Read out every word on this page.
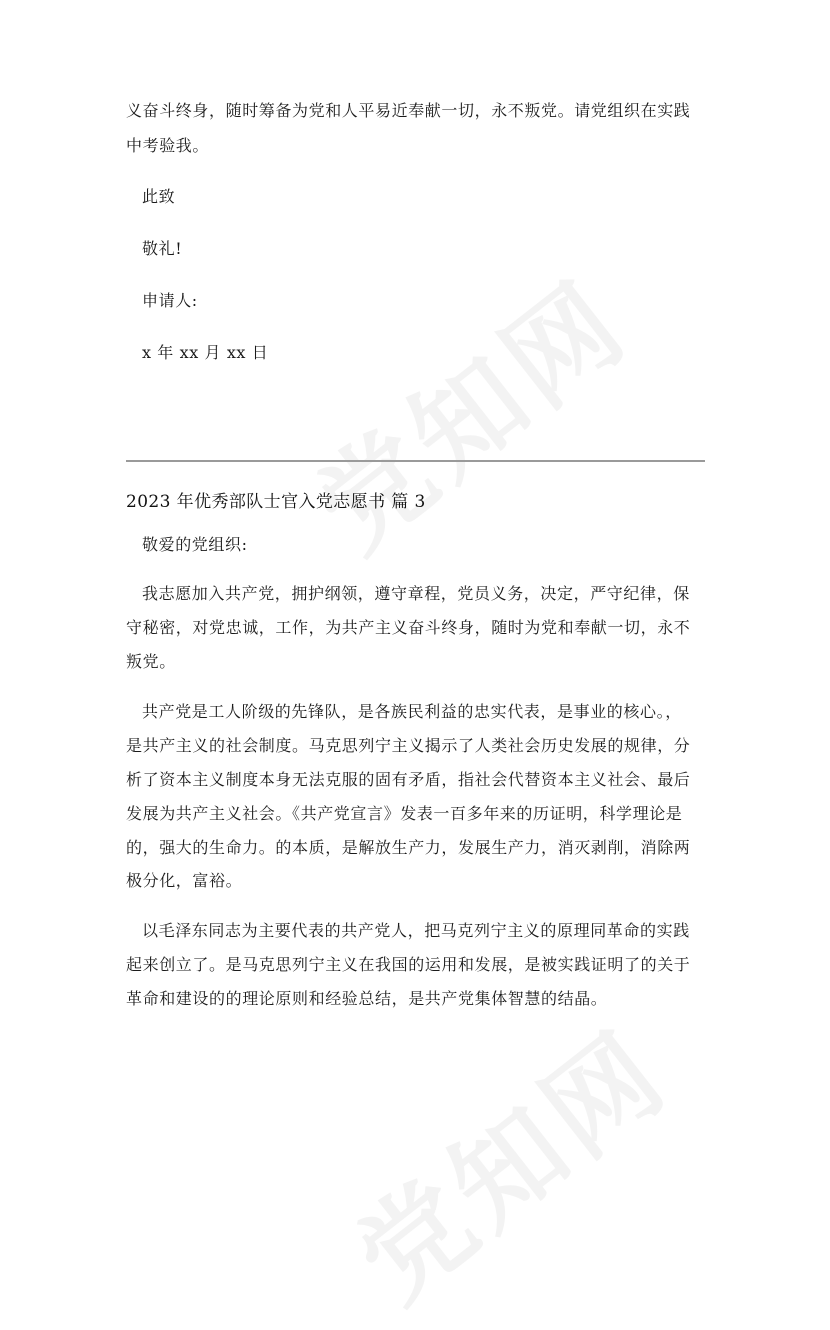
义奋斗终身，随时筹备为党和人平易近奉献一切，永不叛党。请党组织在实践
中考验我。
此致
敬礼!
申请人:
x 年 xx 月 xx 日
2023 年优秀部队士官入党志愿书 篇 3
敬爱的党组织:
我志愿加入共产党，拥护纲领，遵守章程，党员义务，决定，严守纪律，保
守秘密，对党忠诚，工作，为共产主义奋斗终身，随时为党和奉献一切，永不
叛党。
共产党是工人阶级的先锋队，是各族民利益的忠实代表，是事业的核心。，
是共产主义的社会制度。马克思列宁主义揭示了人类社会历史发展的规律，分
析了资本主义制度本身无法克服的固有矛盾，指社会代替资本主义社会、最后
发展为共产主义社会。《共产党宣言》发表一百多年来的历证明，科学理论是
的，强大的生命力。的本质，是解放生产力，发展生产力，消灭剥削，消除两
极分化，富裕。
以毛泽东同志为主要代表的共产党人，把马克列宁主义的原理同革命的实践
起来创立了。是马克思列宁主义在我国的运用和发展，是被实践证明了的关于
革命和建设的的理论原则和经验总结，是共产党集体智慧的结晶。
